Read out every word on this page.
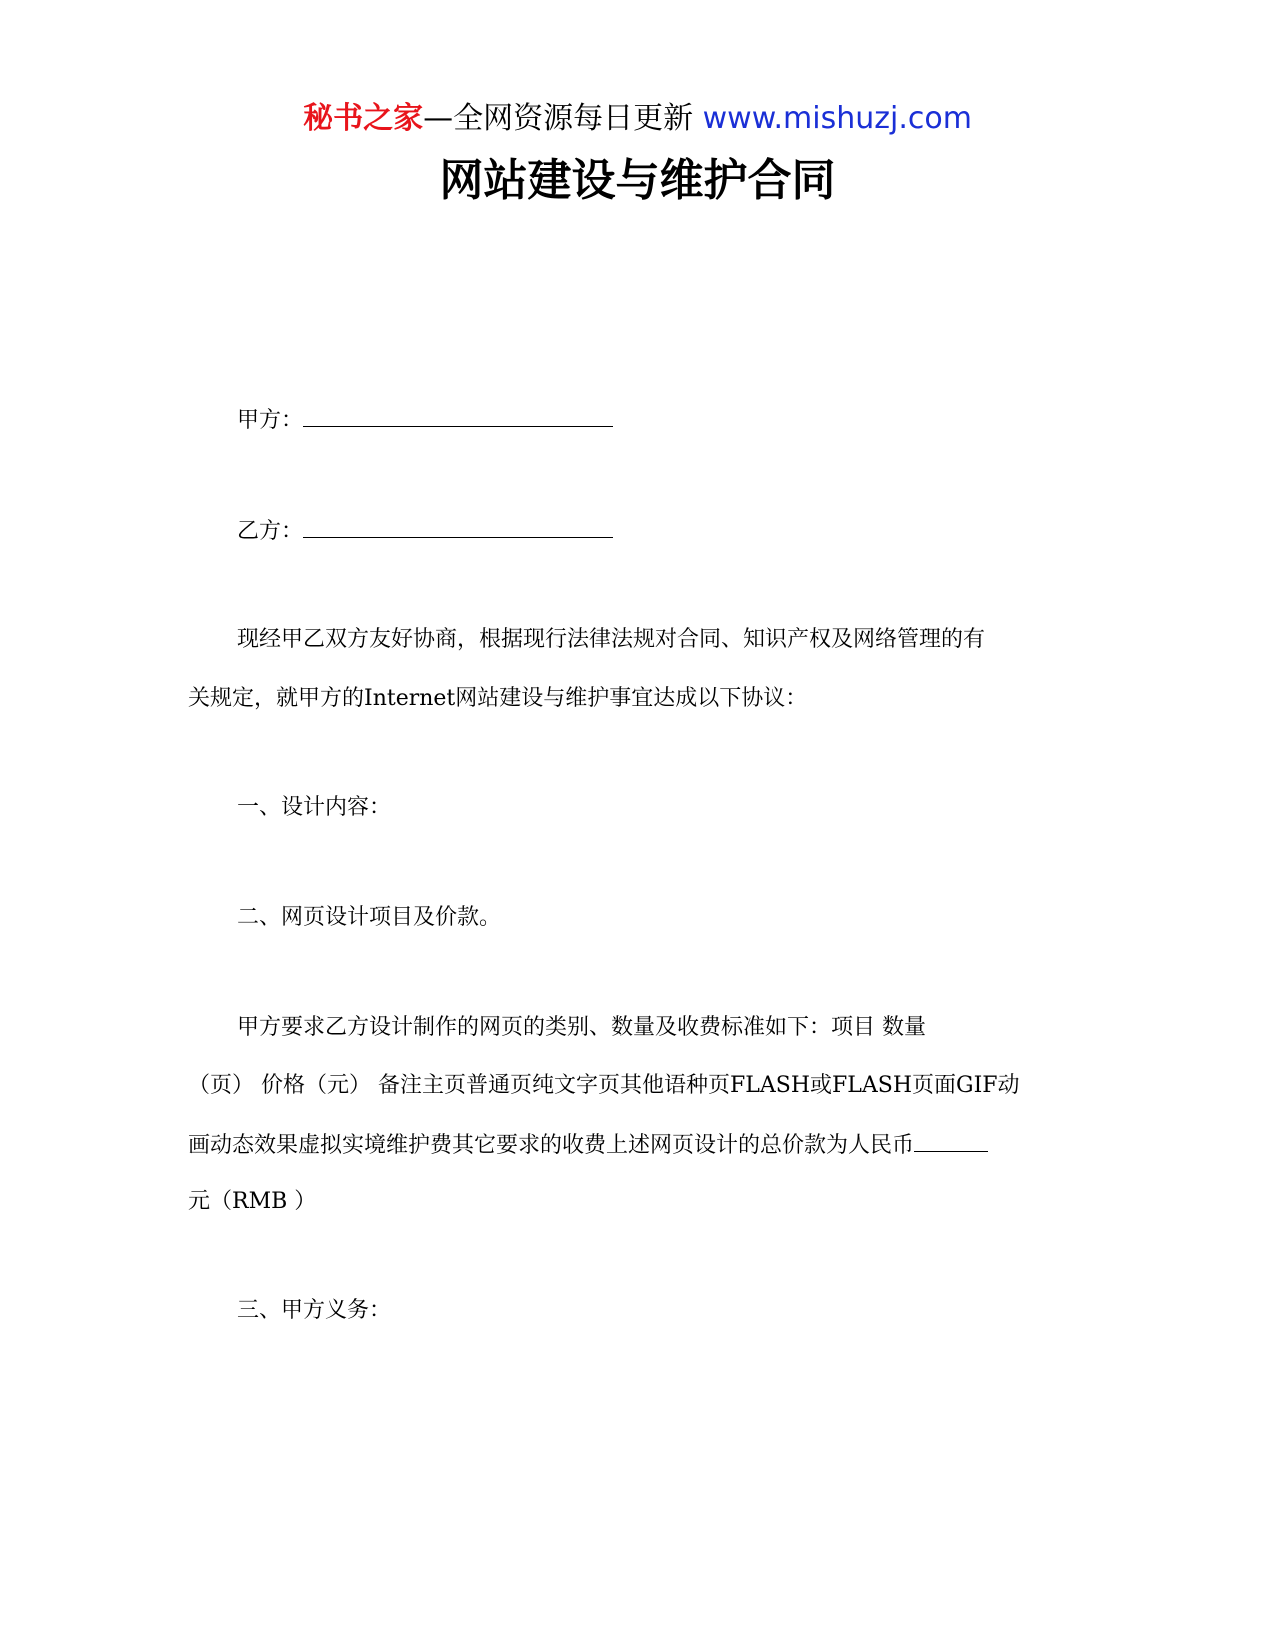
秘书之家—全网资源每日更新 www.mishuzj.com
网站建设与维护合同
甲方：
乙方：
现经甲乙双方友好协商，根据现行法律法规对合同、知识产权及网络管理的有
关规定，就甲方的Internet网站建设与维护事宜达成以下协议：
一、设计内容：
二、网页设计项目及价款。
甲方要求乙方设计制作的网页的类别、数量及收费标准如下：项目 数量
（页） 价格（元） 备注主页普通页纯文字页其他语种页FLASH或FLASH页面GIF动
画动态效果虚拟实境维护费其它要求的收费上述网页设计的总价款为人民币
元（RMB ）
三、甲方义务：
